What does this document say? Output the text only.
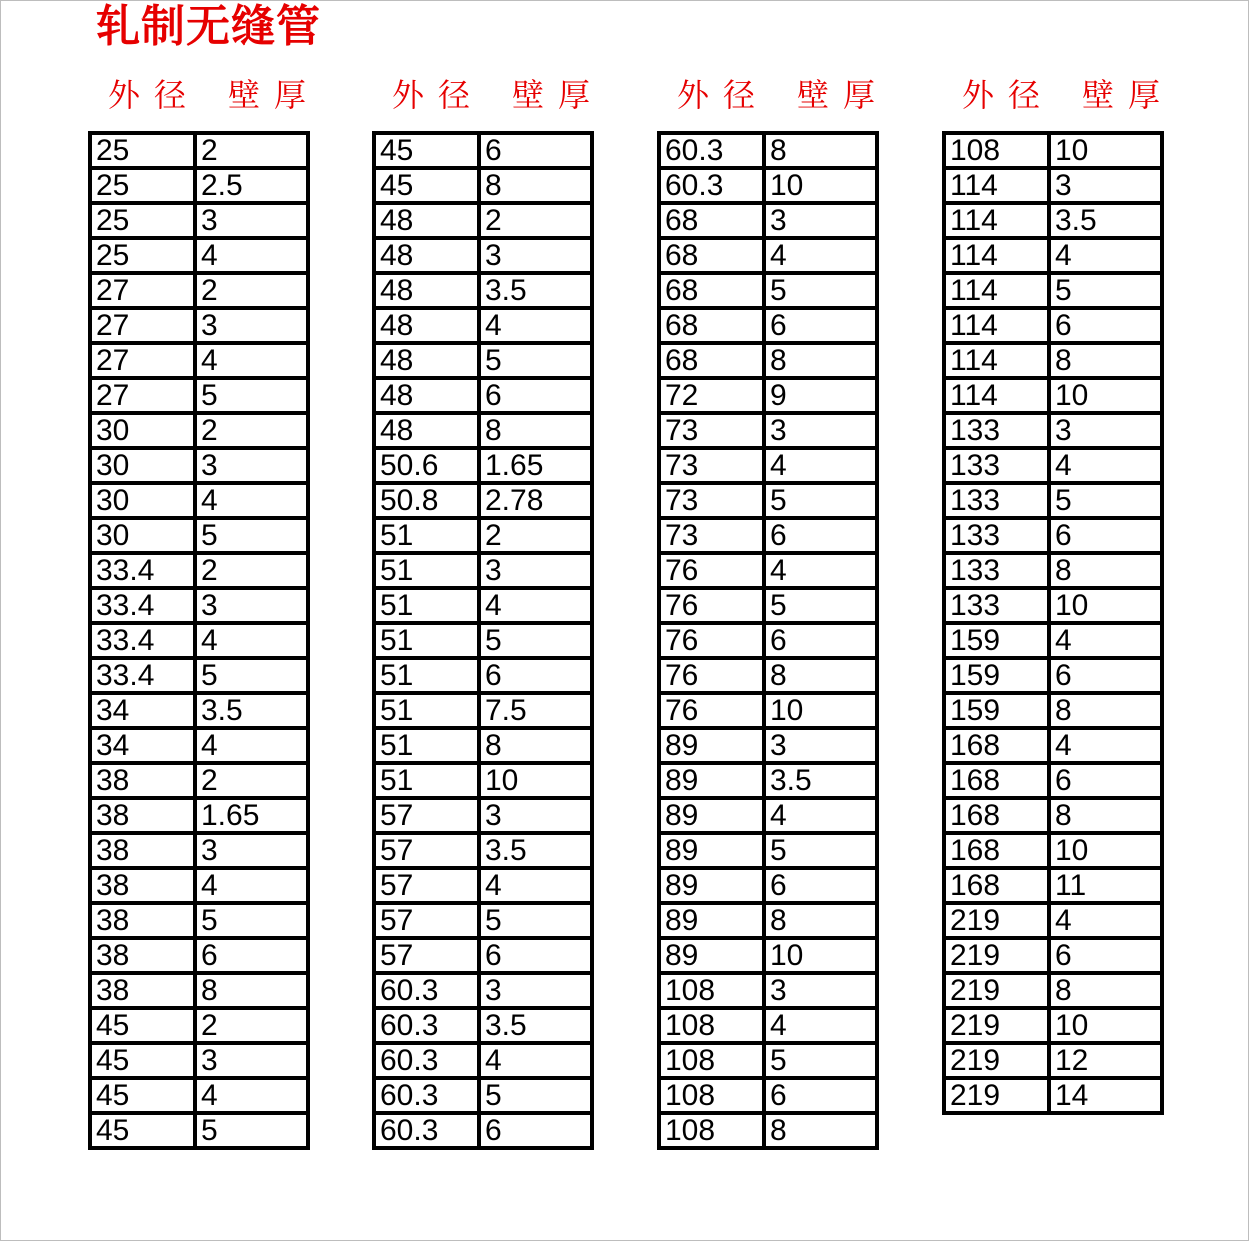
轧制无缝管
外径 壁厚
25	2
25	2.5
25	3
25	4
27	2
27	3
27	4
27	5
30	2
30	3
30	4
30	5
33.4	2
33.4	3
33.4	4
33.4	5
34	3.5
34	4
38	2
38	1.65
38	3
38	4
38	5
38	6
38	8
45	2
45	3
45	4
45	5
外径 壁厚
45	6
45	8
48	2
48	3
48	3.5
48	4
48	5
48	6
48	8
50.6	1.65
50.8	2.78
51	2
51	3
51	4
51	5
51	6
51	7.5
51	8
51	10
57	3
57	3.5
57	4
57	5
57	6
60.3	3
60.3	3.5
60.3	4
60.3	5
60.3	6
外径 壁厚
60.3	8
60.3	10
68	3
68	4
68	5
68	6
68	8
72	9
73	3
73	4
73	5
73	6
76	4
76	5
76	6
76	8
76	10
89	3
89	3.5
89	4
89	5
89	6
89	8
89	10
108	3
108	4
108	5
108	6
108	8
外径 壁厚
108	10
114	3
114	3.5
114	4
114	5
114	6
114	8
114	10
133	3
133	4
133	5
133	6
133	8
133	10
159	4
159	6
159	8
168	4
168	6
168	8
168	10
168	11
219	4
219	6
219	8
219	10
219	12
219	14
